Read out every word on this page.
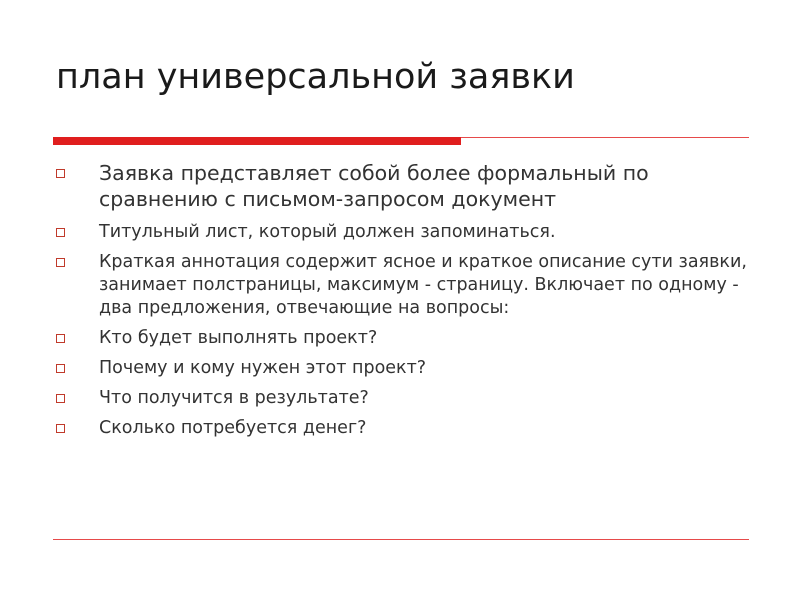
план универсальной заявки
Заявка представляет собой более формальный по сравнению с письмом-запросом документ
Титульный лист, который должен запоминаться.
Краткая аннотация содержит ясное и краткое описание сути заявки, занимает полстраницы, максимум - страницу. Включает по одному - два предложения, отвечающие на вопросы:
Кто будет выполнять проект?
Почему и кому нужен этот проект?
Что получится в результате?
Сколько потребуется денег?
